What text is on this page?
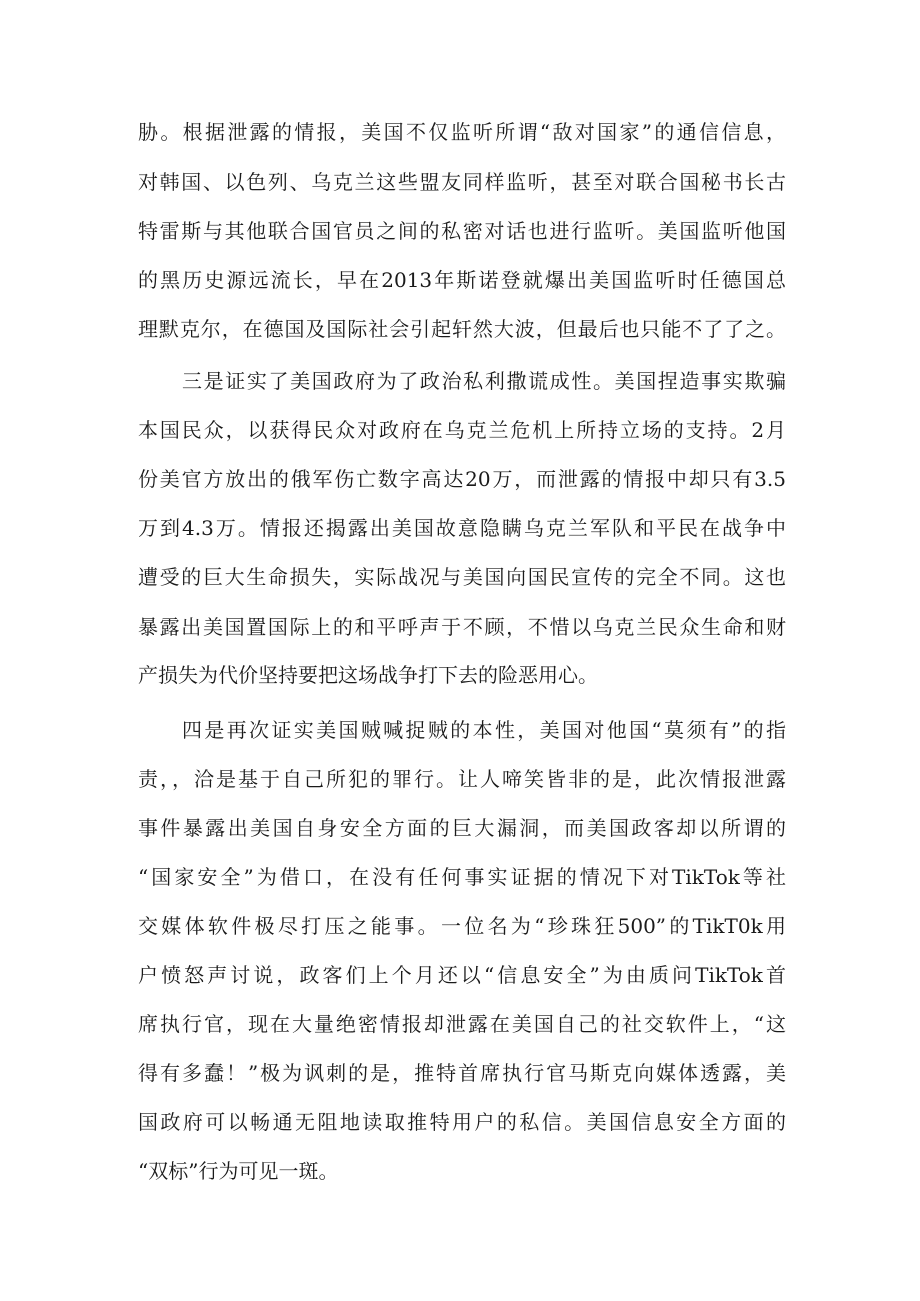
胁。根据泄露的情报，美国不仅监听所谓“敌对国家”的通信信息，
对韩国、以色列、乌克兰这些盟友同样监听，甚至对联合国秘书长古
特雷斯与其他联合国官员之间的私密对话也进行监听。美国监听他国
的黑历史源远流长，早在2013年斯诺登就爆出美国监听时任德国总
理默克尔，在德国及国际社会引起轩然大波，但最后也只能不了了之。
三是证实了美国政府为了政治私利撒谎成性。美国捏造事实欺骗
本国民众，以获得民众对政府在乌克兰危机上所持立场的支持。2月
份美官方放出的俄军伤亡数字高达20万，而泄露的情报中却只有3.5
万到4.3万。情报还揭露出美国故意隐瞒乌克兰军队和平民在战争中
遭受的巨大生命损失，实际战况与美国向国民宣传的完全不同。这也
暴露出美国置国际上的和平呼声于不顾，不惜以乌克兰民众生命和财
产损失为代价坚持要把这场战争打下去的险恶用心。
四是再次证实美国贼喊捉贼的本性，美国对他国“莫须有”的指
责，，洽是基于自己所犯的罪行。让人啼笑皆非的是，此次情报泄露
事件暴露出美国自身安全方面的巨大漏洞，而美国政客却以所谓的
“国家安全”为借口，在没有任何事实证据的情况下对TikTok等社
交媒体软件极尽打压之能事。一位名为“珍珠狂500”的TikT0k用
户愤怒声讨说，政客们上个月还以“信息安全”为由质问TikTok首
席执行官，现在大量绝密情报却泄露在美国自己的社交软件上，“这
得有多蠢！”极为讽刺的是，推特首席执行官马斯克向媒体透露，美
国政府可以畅通无阻地读取推特用户的私信。美国信息安全方面的
“双标”行为可见一斑。
